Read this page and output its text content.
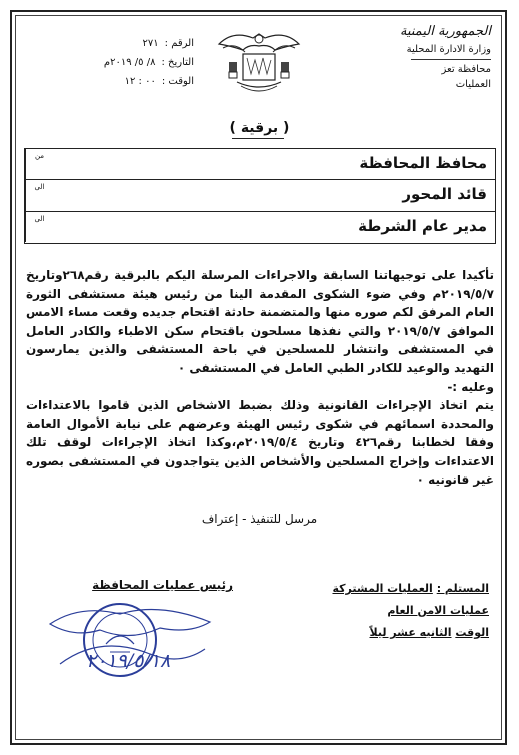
الجمهورية اليمنية
وزارة الادارة المحلية
محافظة تعز
العمليات
الرقم :
٢٧١
التاريخ :
٨/ ٥/ ٢٠١٩م
الوقت :
٠٠ : ١٢
( برقية )
من	محافظ المحافظة
الى	قائد المحور
الى	مدير عام الشرطة

تأكيدا على توجيهاتنا السابقة والاجراءات المرسلة اليكم بالبرقية رقم٢٦٨وتاريخ ٢٠١٩/٥/٧م وفي ضوء الشكوى المقدمة الينا من رئيس هيئة مستشفى الثورة العام المرفق لكم صوره منها والمتضمنة حادثة اقتحام جديده وقعت مساء الامس الموافق ٢٠١٩/٥/٧ والتي نفذها مسلحون باقتحام سكن الاطباء والكادر العامل في المستشفى وانتشار للمسلحين في باحة المستشفى والذين يمارسون التهديد والوعيد للكادر الطبي العامل في المستشفى ٠

وعليه :-

يتم اتخاذ الإجراءات القانونية وذلك بضبط الاشخاص الذين قاموا بالاعتداءات والمحددة اسمائهم في شكوى رئيس الهيئة وعرضهم على نيابة الأموال العامة وفقا لخطابنا رقم٤٢٦ وتاريخ ٢٠١٩/٥/٤م،وكذا اتخاذ الإجراءات لوقف تلك الاعتداءات وإخراج المسلحين والأشخاص الذين يتواجدون في المستشفى بصوره غير قانونيه ٠

مرسل للتنفيذ - إعتراف
رئيس عمليات المحافظة	المستلم : العمليات المشتركة
عمليات الامن العام
الوقت الثانيه عشر ليلاً
٢٠١٩/٥/١٨
